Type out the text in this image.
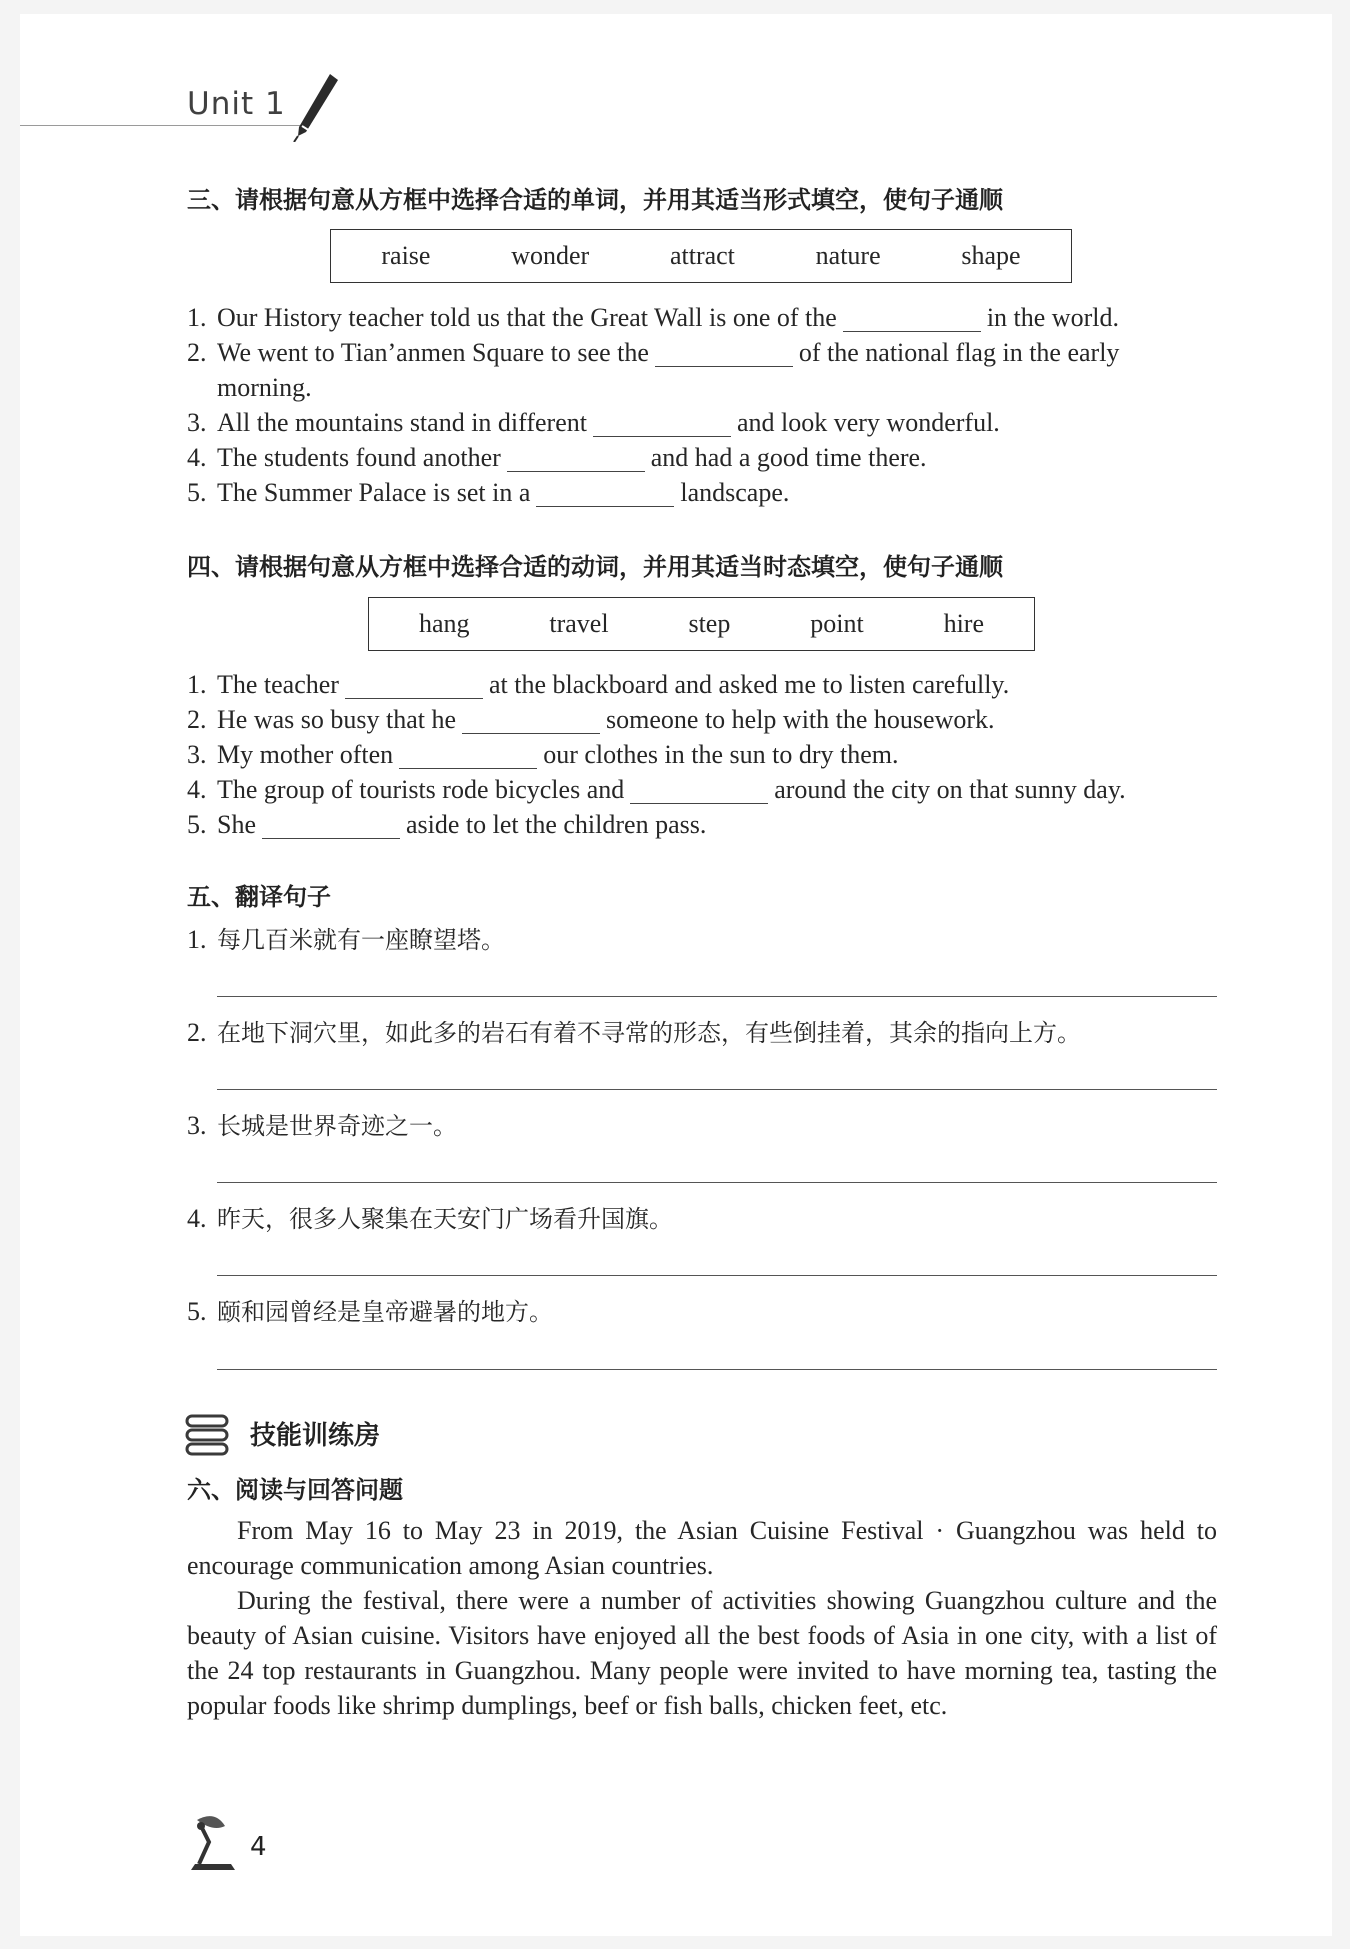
Unit 1
三、请根据句意从方框中选择合适的单词，并用其适当形式填空，使句子通顺
raise	wonder	attract	nature	shape
1. Our History teacher told us that the Great Wall is one of the	in the world.
2. We went to Tian’anmen Square to see the	of the national flag in the early
morning.
3. All the mountains stand in different	and look very wonderful.
4. The students found another	and had a good time there.
5. The Summer Palace is set in a	landscape.
四、请根据句意从方框中选择合适的动词，并用其适当时态填空，使句子通顺
hang	travel	step	point	hire
1. The teacher	at the blackboard and asked me to listen carefully.
2. He was so busy that he	someone to help with the housework.
3. My mother often	our clothes in the sun to dry them.
4. The group of tourists rode bicycles and	around the city on that sunny day.
5. She	aside to let the children pass.
五、翻译句子
1. 每几百米就有一座瞭望塔。
2. 在地下洞穴里，如此多的岩石有着不寻常的形态，有些倒挂着，其余的指向上方。
3. 长城是世界奇迹之一。
4. 昨天，很多人聚集在天安门广场看升国旗。
5. 颐和园曾经是皇帝避暑的地方。
技能训练房
六、阅读与回答问题

From May 16 to May 23 in 2019, the Asian Cuisine Festival · Guangzhou was held to encourage communication among Asian countries.

During the festival, there were a number of activities showing Guangzhou culture and the beauty of Asian cuisine. Visitors have enjoyed all the best foods of Asia in one city, with a list of the 24 top restaurants in Guangzhou. Many people were invited to have morning tea, tasting the popular foods like shrimp dumplings, beef or fish balls, chicken feet, etc.

4
